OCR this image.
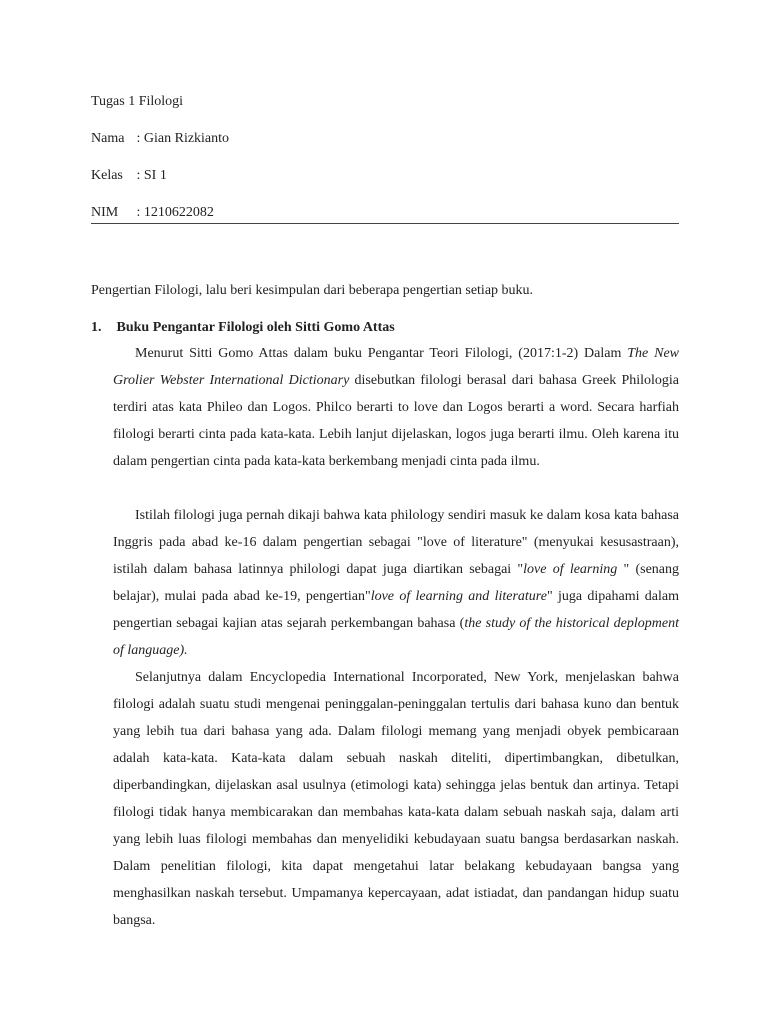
Tugas 1 Filologi
Nama : Gian Rizkianto
Kelas : SI 1
NIM : 1210622082
Pengertian Filologi, lalu beri kesimpulan dari beberapa pengertian setiap buku.
1. Buku Pengantar Filologi oleh Sitti Gomo Attas

Menurut Sitti Gomo Attas dalam buku Pengantar Teori Filologi, (2017:1-2) Dalam The New Grolier Webster International Dictionary disebutkan filologi berasal dari bahasa Greek Philologia terdiri atas kata Phileo dan Logos. Philco berarti to love dan Logos berarti a word. Secara harfiah filologi berarti cinta pada kata-kata. Lebih lanjut dijelaskan, logos juga berarti ilmu. Oleh karena itu dalam pengertian cinta pada kata-kata berkembang menjadi cinta pada ilmu.

Istilah filologi juga pernah dikaji bahwa kata philology sendiri masuk ke dalam kosa kata bahasa Inggris pada abad ke-16 dalam pengertian sebagai "love of literature" (menyukai kesusastraan), istilah dalam bahasa latinnya philologi dapat juga diartikan sebagai "love of learning " (senang belajar), mulai pada abad ke-19, pengertian"love of learning and literature" juga dipahami dalam pengertian sebagai kajian atas sejarah perkembangan bahasa (the study of the historical deplopment of language).

Selanjutnya dalam Encyclopedia International Incorporated, New York, menjelaskan bahwa filologi adalah suatu studi mengenai peninggalan-peninggalan tertulis dari bahasa kuno dan bentuk yang lebih tua dari bahasa yang ada. Dalam filologi memang yang menjadi obyek pembicaraan adalah kata-kata. Kata-kata dalam sebuah naskah diteliti, dipertimbangkan, dibetulkan, diperbandingkan, dijelaskan asal usulnya (etimologi kata) sehingga jelas bentuk dan artinya. Tetapi filologi tidak hanya membicarakan dan membahas kata-kata dalam sebuah naskah saja, dalam arti yang lebih luas filologi membahas dan menyelidiki kebudayaan suatu bangsa berdasarkan naskah. Dalam penelitian filologi, kita dapat mengetahui latar belakang kebudayaan bangsa yang menghasilkan naskah tersebut. Umpamanya kepercayaan, adat istiadat, dan pandangan hidup suatu bangsa.
